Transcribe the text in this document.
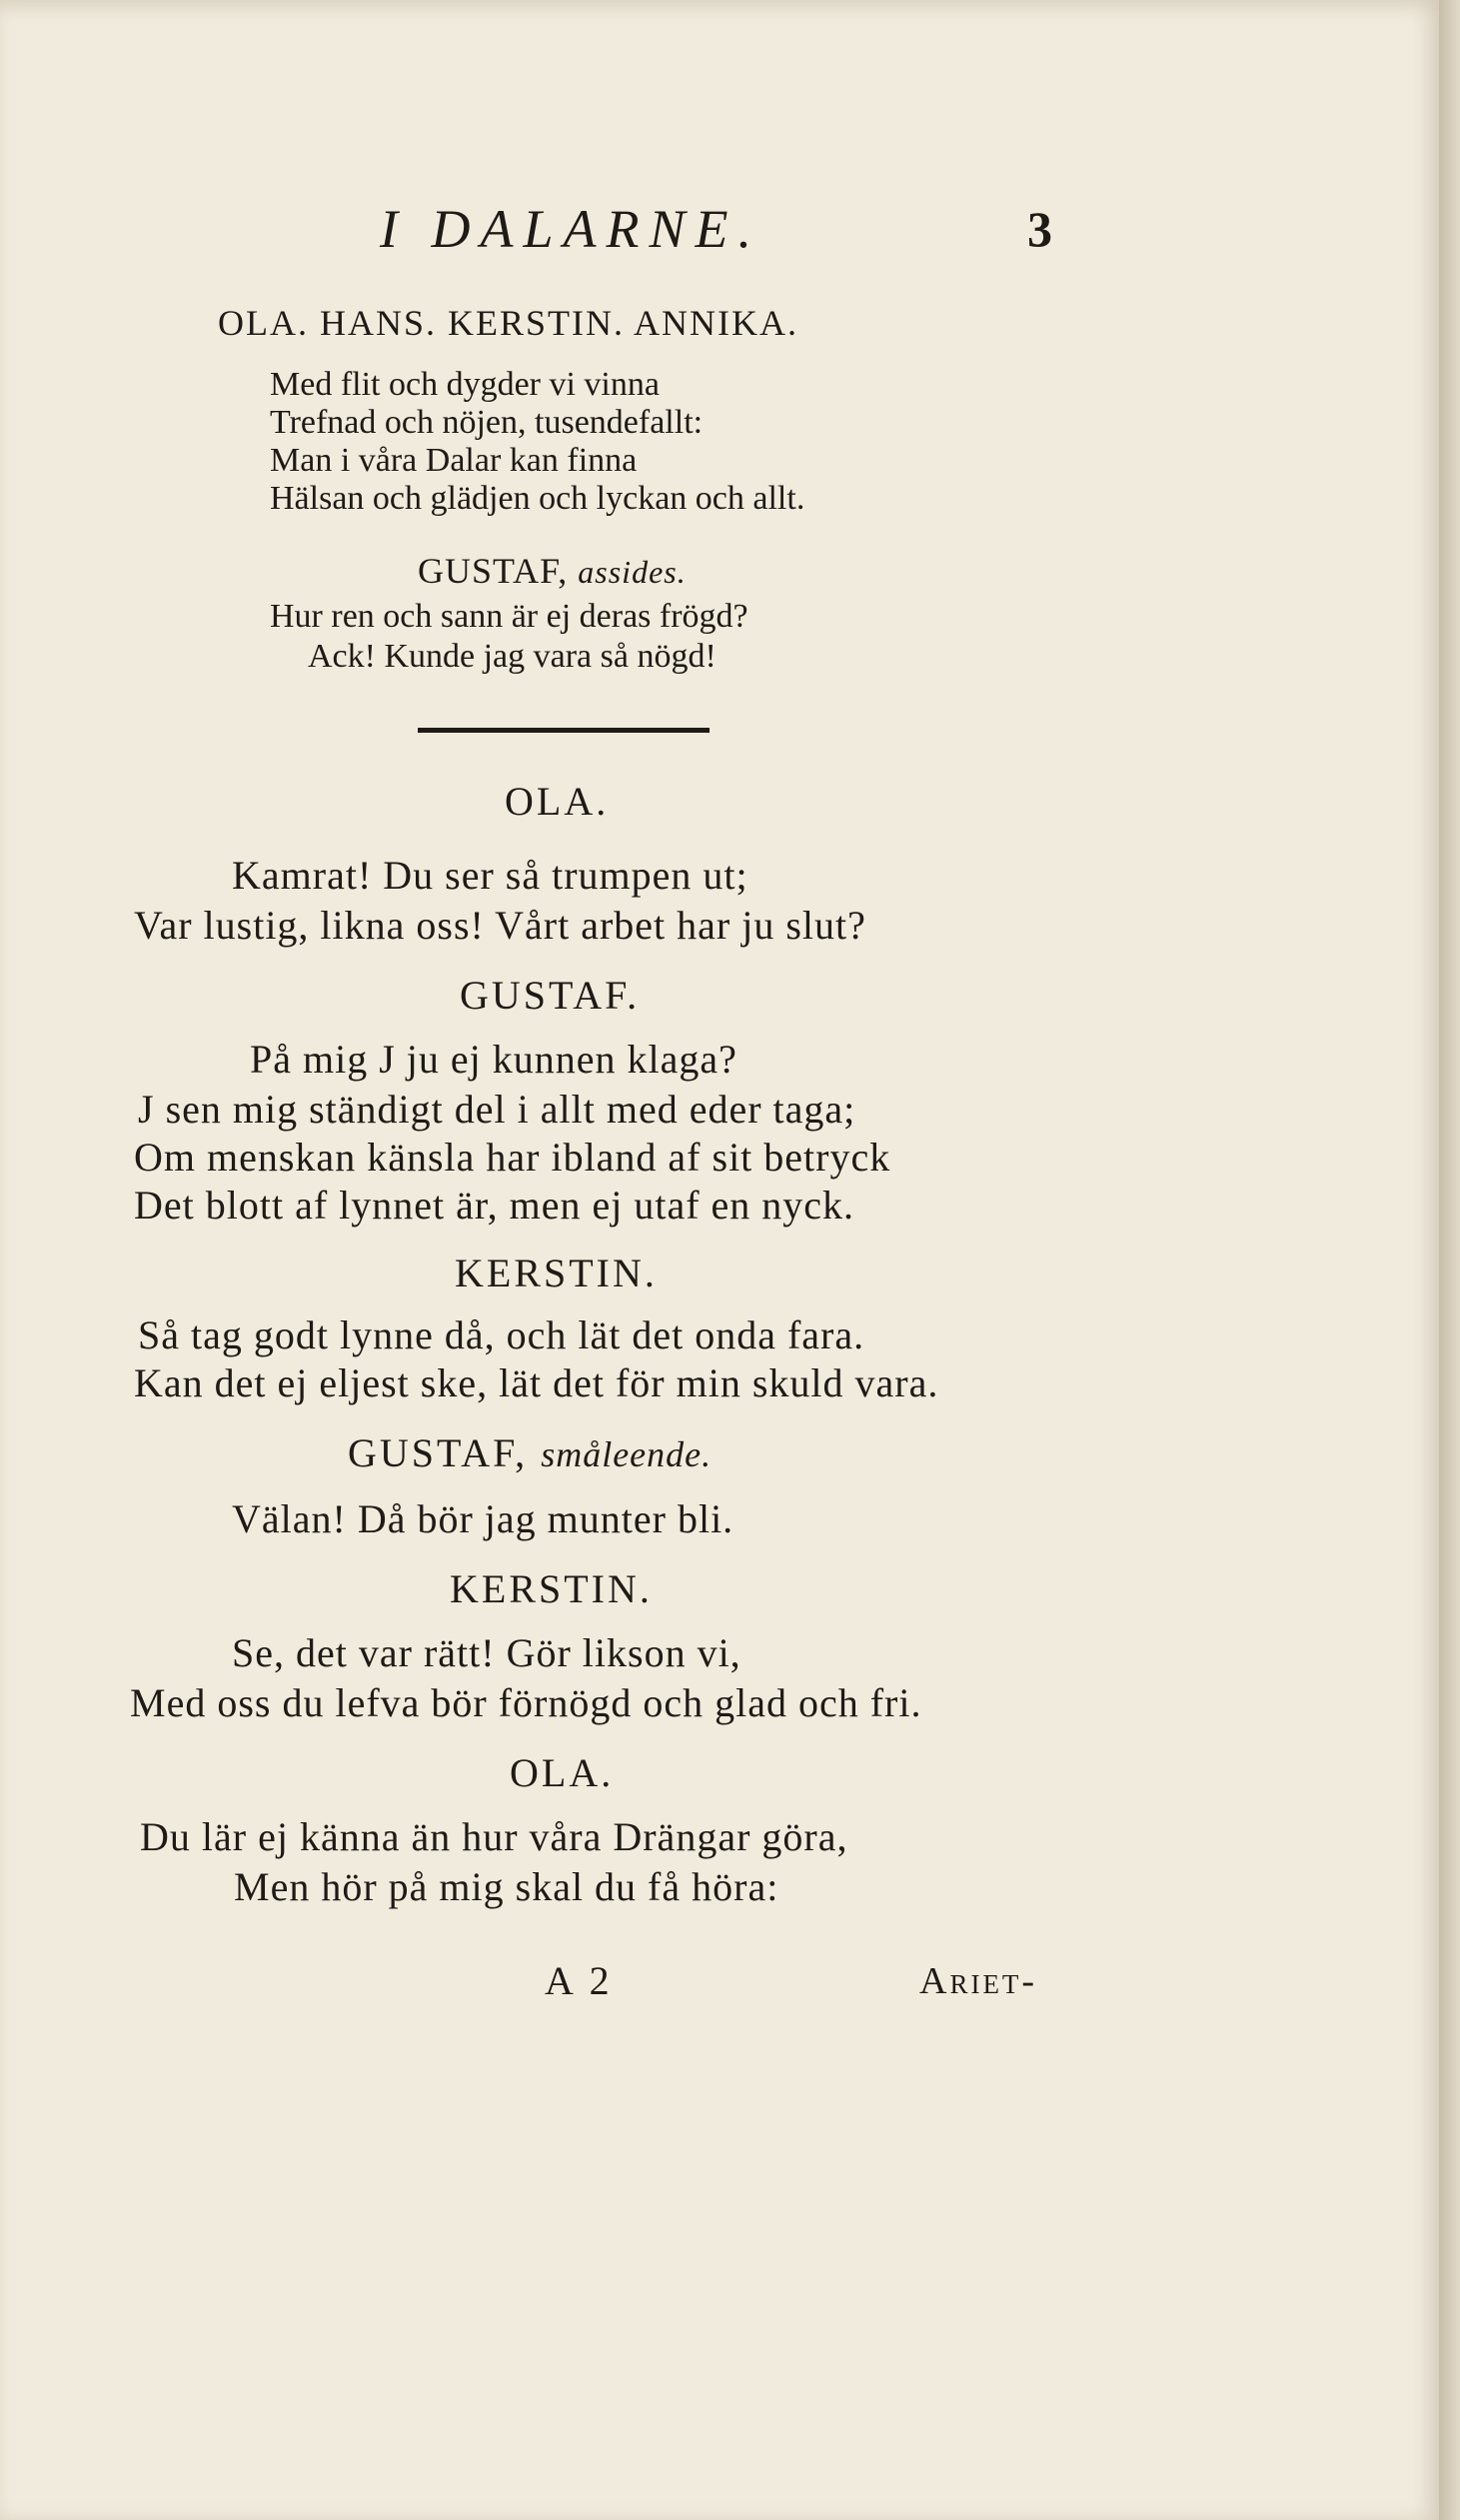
I DALARNE.	3
OLA. HANS. KERSTIN. ANNIKA.
Med flit och dygder vi vinna
Trefnad och nöjen, tusendefallt:
Man i våra Dalar kan finna
Hälsan och glädjen och lyckan och allt.
GUSTAF, assides.
Hur ren och sann är ej deras frögd?
Ack! Kunde jag vara så nögd!
OLA.
Kamrat! Du ser så trumpen ut;
Var lustig, likna oss! Vårt arbet har ju slut?
GUSTAF.
På mig J ju ej kunnen klaga?
J sen mig ständigt del i allt med eder taga;
Om menskan känsla har ibland af sit betryck
Det blott af lynnet är, men ej utaf en nyck.
KERSTIN.
Så tag godt lynne då, och lät det onda fara.
Kan det ej eljest ske, lät det för min skuld vara.
GUSTAF, småleende.
Välan! Då bör jag munter bli.
KERSTIN.
Se, det var rätt! Gör likson vi,
Med oss du lefva bör förnögd och glad och fri.
OLA.
Du lär ej känna än hur våra Drängar göra,
Men hör på mig skal du få höra:
A 2	Ariet-
